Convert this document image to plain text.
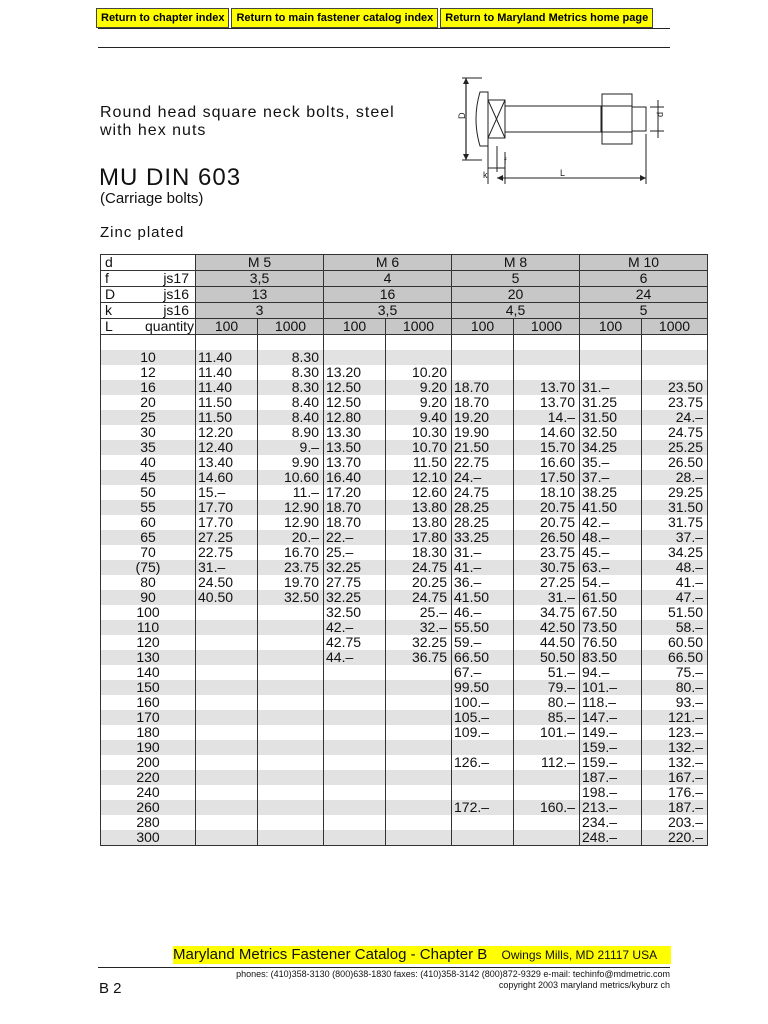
Return to chapter index	Return to main fastener catalog index	Return to Maryland Metrics home page
Round head square neck bolts, steel
with hex nuts
MU DIN 603
(Carriage bolts)
Zinc plated
D	d
f
k	L
d	M 5		M 6		M 8		M 10	
f js17	3,5		4		5		6	
D js16	13		16		20		24	
k js16	3		3,5		4,5		5	
L quantity	100	1000	100	1000	100	1000	100	1000

10	11.40	8.30						
12	11.40	8.30	13.20	10.20				
16	11.40	8.30	12.50	9.20	18.70	13.70	31.–	23.50
20	11.50	8.40	12.50	9.20	18.70	13.70	31.25	23.75
25	11.50	8.40	12.80	9.40	19.20	14.–	31.50	24.–
30	12.20	8.90	13.30	10.30	19.90	14.60	32.50	24.75
35	12.40	9.–	13.50	10.70	21.50	15.70	34.25	25.25
40	13.40	9.90	13.70	11.50	22.75	16.60	35.–	26.50
45	14.60	10.60	16.40	12.10	24.–	17.50	37.–	28.–
50	15.–	11.–	17.20	12.60	24.75	18.10	38.25	29.25
55	17.70	12.90	18.70	13.80	28.25	20.75	41.50	31.50
60	17.70	12.90	18.70	13.80	28.25	20.75	42.–	31.75
65	27.25	20.–	22.–	17.80	33.25	26.50	48.–	37.–
70	22.75	16.70	25.–	18.30	31.–	23.75	45.–	34.25
(75)	31.–	23.75	32.25	24.75	41.–	30.75	63.–	48.–
80	24.50	19.70	27.75	20.25	36.–	27.25	54.–	41.–
90	40.50	32.50	32.25	24.75	41.50	31.–	61.50	47.–
100			32.50	25.–	46.–	34.75	67.50	51.50
110			42.–	32.–	55.50	42.50	73.50	58.–
120			42.75	32.25	59.–	44.50	76.50	60.50
130			44.–	36.75	66.50	50.50	83.50	66.50
140					67.–	51.–	94.–	75.–
150					99.50	79.–	101.–	80.–
160					100.–	80.–	118.–	93.–
170					105.–	85.–	147.–	121.–
180					109.–	101.–	149.–	123.–
190							159.–	132.–
200					126.–	112.–	159.–	132.–
220							187.–	167.–
240							198.–	176.–
260					172.–	160.–	213.–	187.–
280							234.–	203.–
300							248.–	220.–
Maryland Metrics Fastener Catalog - Chapter B Owings Mills, MD 21117 USA
phones: (410)358-3130 (800)638-1830 faxes: (410)358-3142 (800)872-9329 e-mail: techinfo@mdmetric.com
copyright 2003 maryland metrics/kyburz ch
B 2
